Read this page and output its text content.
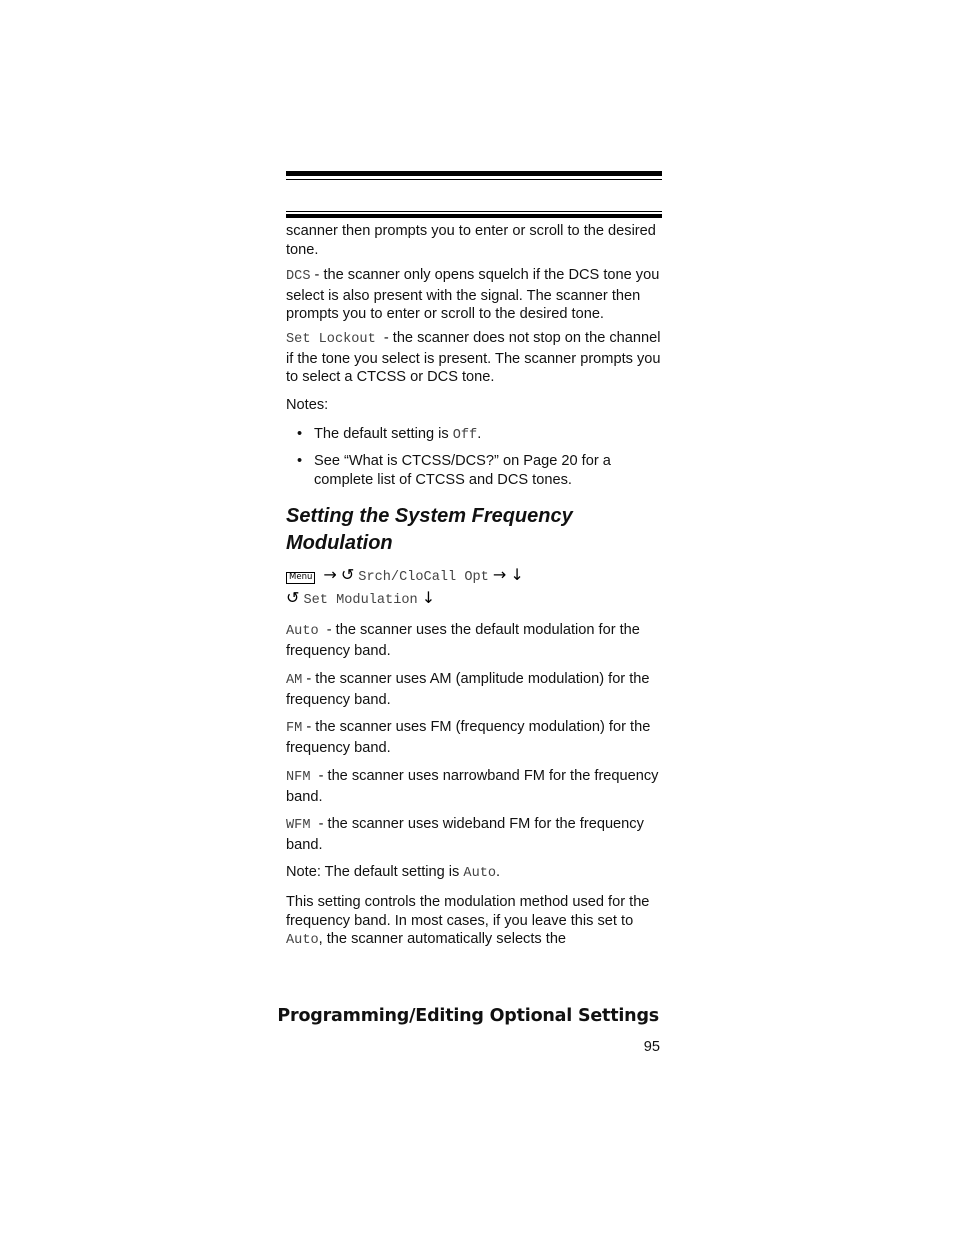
scanner then prompts you to enter or scroll to the desired tone.

DCS - the scanner only opens squelch if the DCS tone you select is also present with the signal. The scanner then prompts you to enter or scroll to the desired tone.

Set Lockout  - the scanner does not stop on the channel if the tone you select is present. The scanner prompts you to select a CTCSS or DCS tone.

Notes:

• The default setting is Off.
• See “What is CTCSS/DCS?” on Page 20 for a complete list of CTCSS and DCS tones.
Setting the System Frequency Modulation
Menu → ↺ Srch/CloCall Opt → ↓
↺ Set Modulation ↓

Auto  - the scanner uses the default modulation for the frequency band.

AM - the scanner uses AM (amplitude modulation) for the frequency band.

FM - the scanner uses FM (frequency modulation) for the frequency band.

NFM  - the scanner uses narrowband FM for the frequency band.

WFM  - the scanner uses wideband FM for the frequency band.

Note: The default setting is Auto.

This setting controls the modulation method used for the frequency band. In most cases, if you leave this set to Auto, the scanner automatically selects the

Programming/Editing Optional Settings
95
